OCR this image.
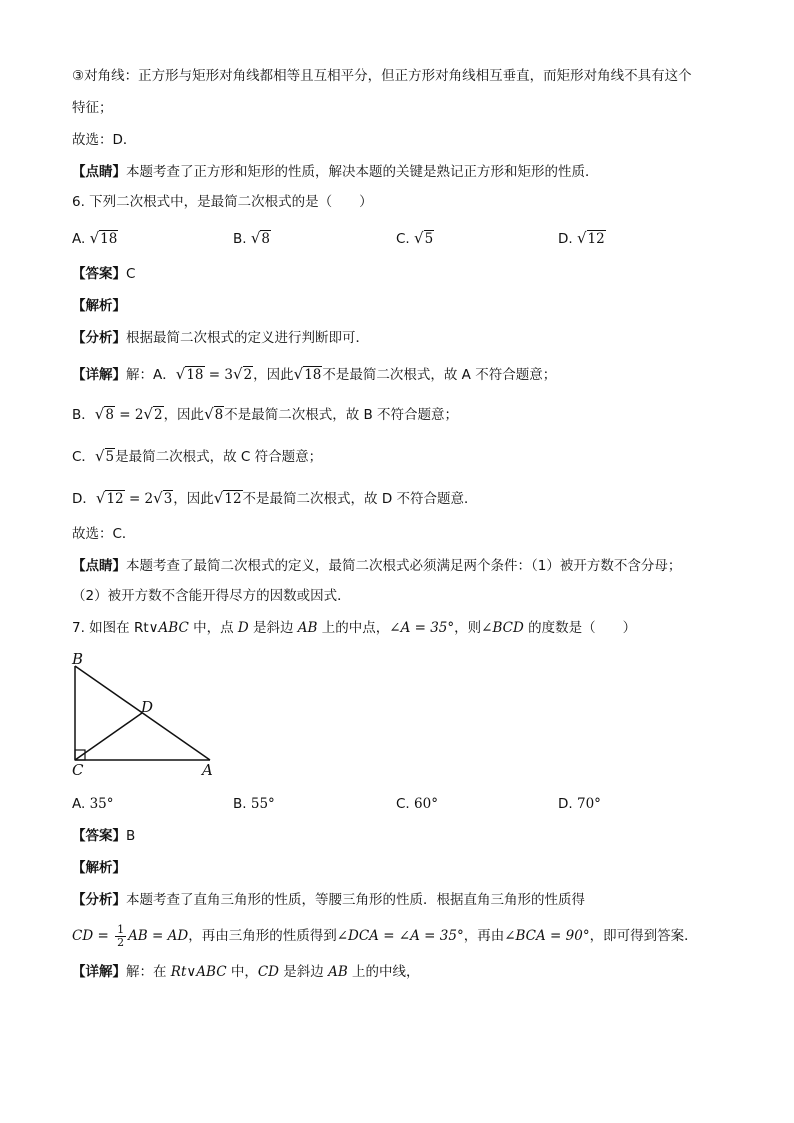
③对角线：正方形与矩形对角线都相等且互相平分，但正方形对角线相互垂直，而矩形对角线不具有这个
特征；
故选：D．
【点睛】本题考查了正方形和矩形的性质，解决本题的关键是熟记正方形和矩形的性质．
6. 下列二次根式中，是最简二次根式的是（　　）
A. √18	B. √8	C. √5	D. √12
【答案】C
【解析】
【分析】根据最简二次根式的定义进行判断即可．
【详解】解：A．√18 = 3√2，因此√18不是最简二次根式，故 A 不符合题意；
B．√8 = 2√2，因此√8不是最简二次根式，故 B 不符合题意；
C．√5是最简二次根式，故 C 符合题意；
D．√12 = 2√3，因此√12不是最简二次根式，故 D 不符合题意．
故选：C．
【点睛】本题考查了最简二次根式的定义，最简二次根式必须满足两个条件：（1）被开方数不含分母；
（2）被开方数不含能开得尽方的因数或因式．
7. 如图在 Rt∨ABC 中，点 D 是斜边 AB 上的中点，∠A = 35°，则∠BCD 的度数是（　　）
B
D
C	A
A. 35°	B. 55°	C. 60°	D. 70°
【答案】B
【解析】
【分析】本题考查了直角三角形的性质，等腰三角形的性质．根据直角三角形的性质得
CD = $\frac{1}{2}$ AB = AD，再由三角形的性质得到∠DCA = ∠A = 35°，再由∠BCA = 90°，即可得到答案．
【详解】解：在 Rt∨ABC 中，CD 是斜边 AB 上的中线，
